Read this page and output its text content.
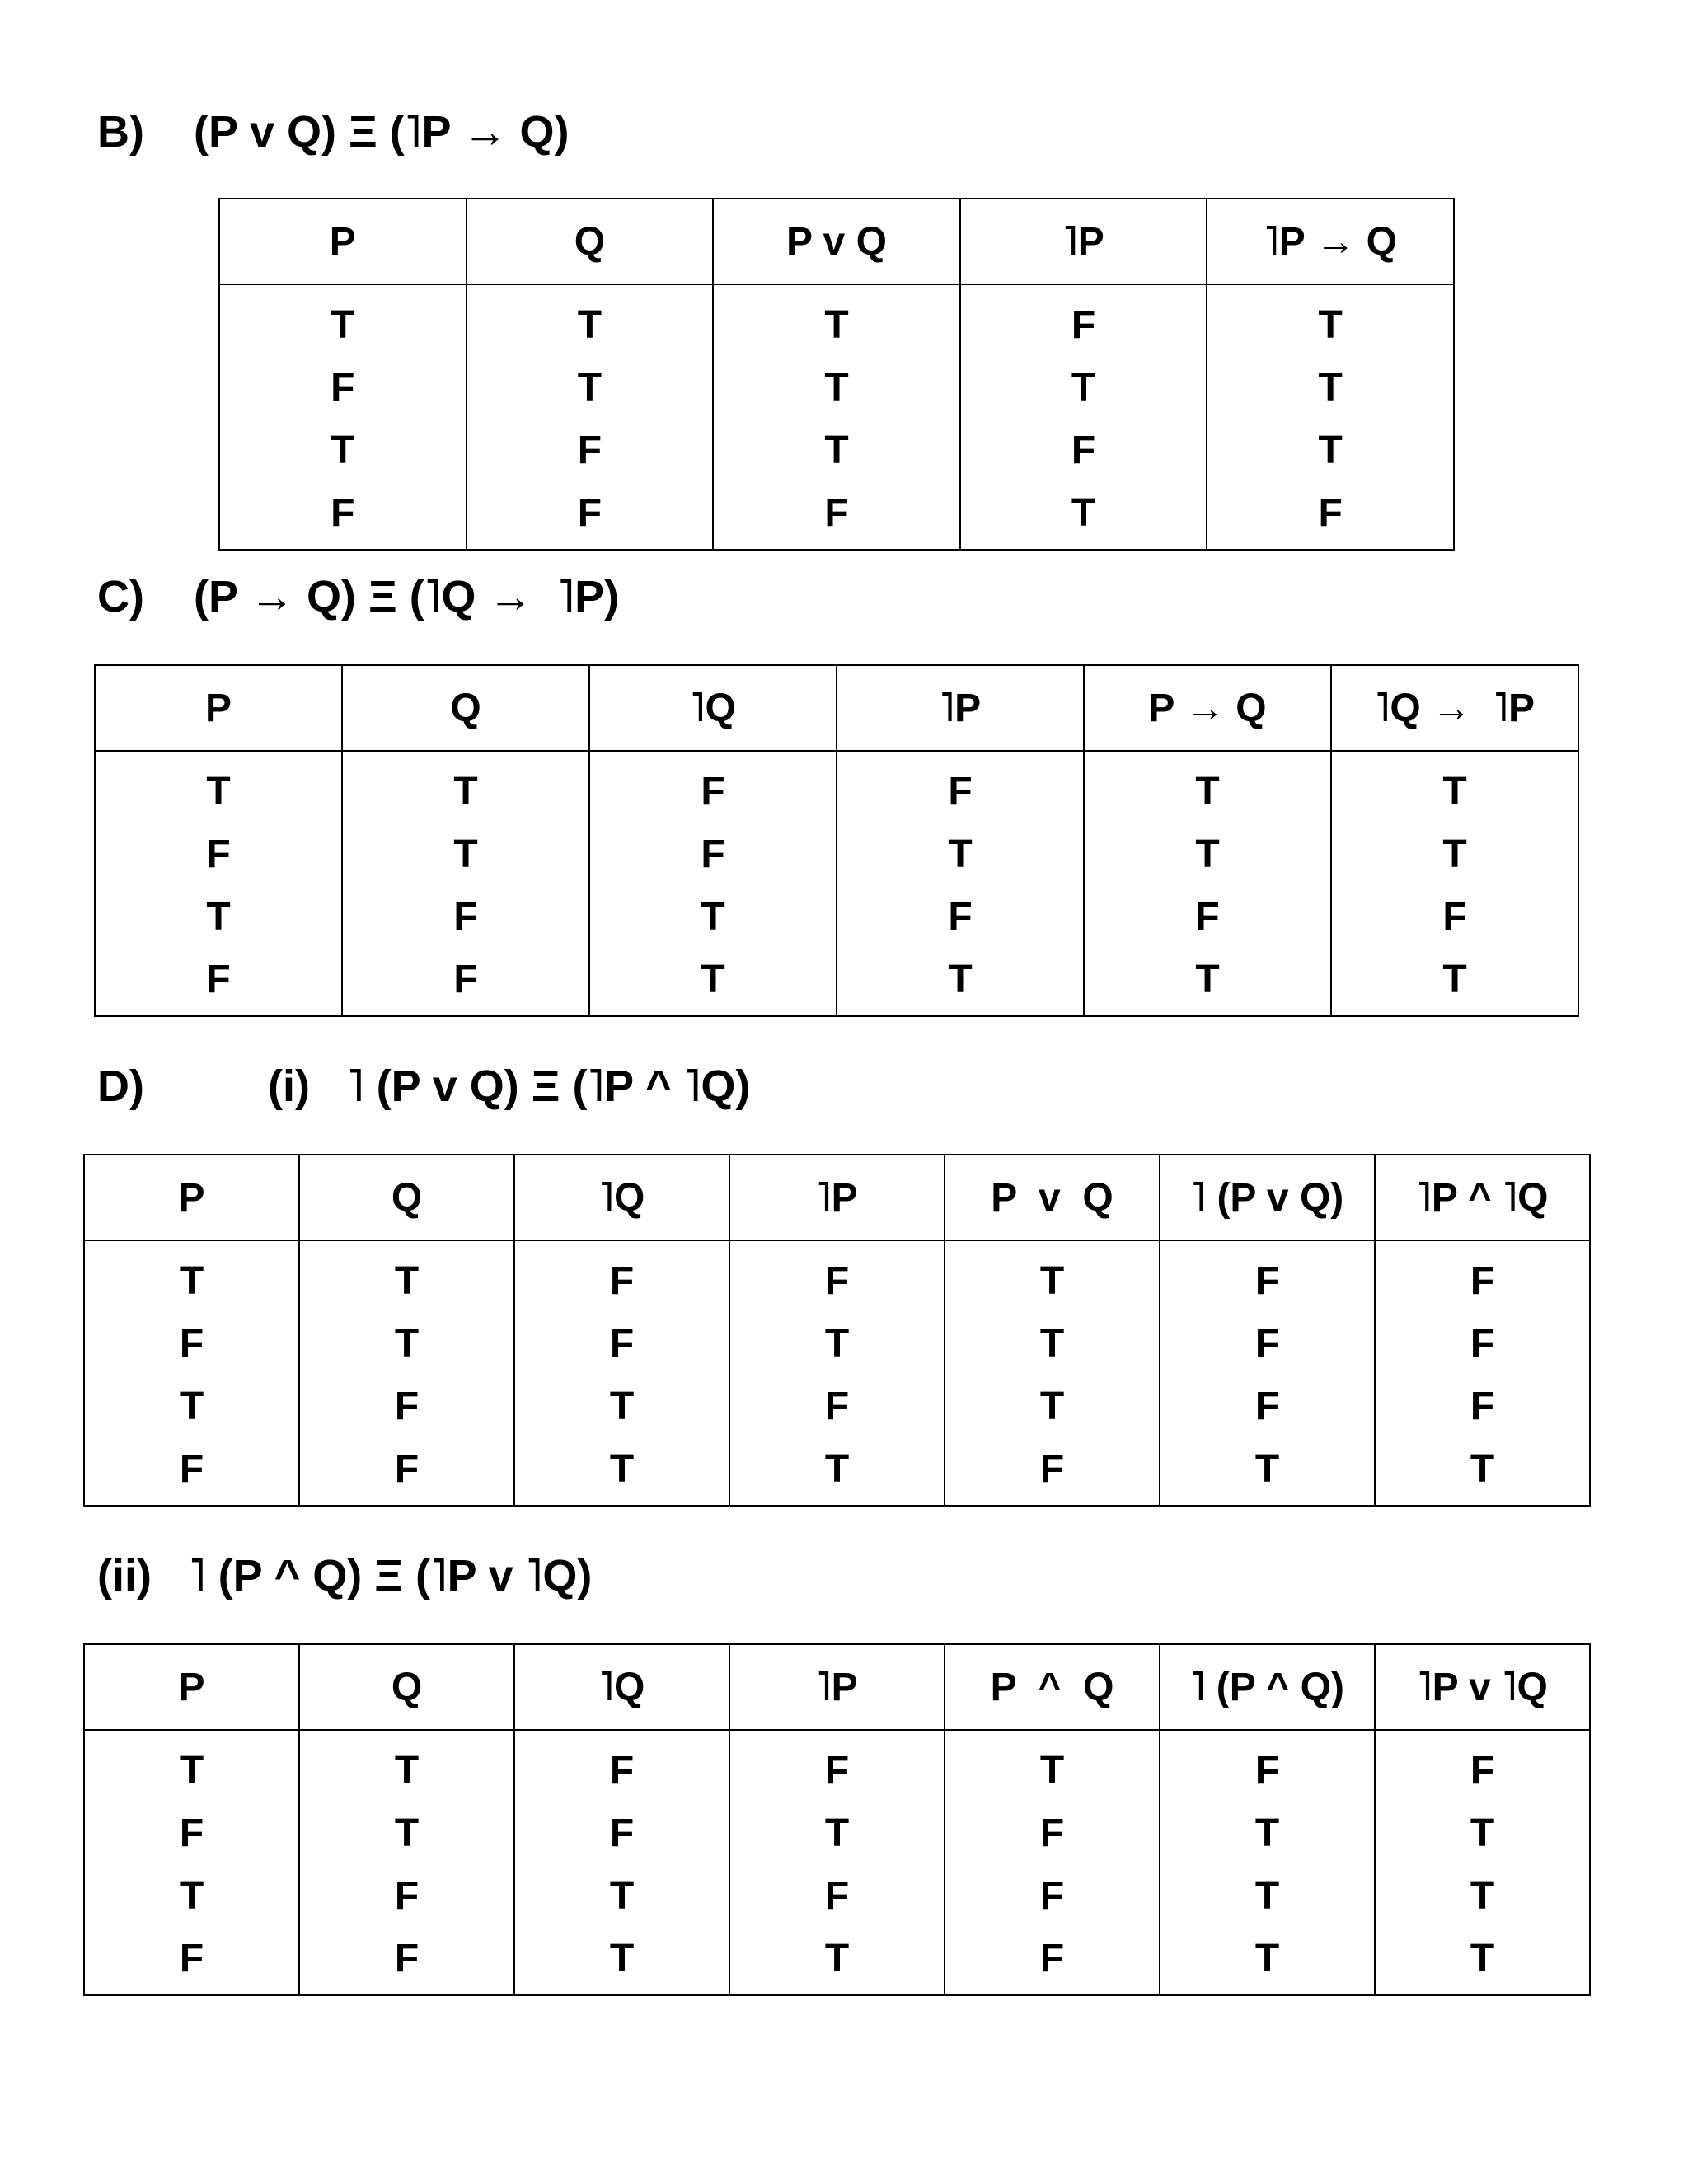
B)    (P v Q) Ξ (˥P → Q)
P	Q	P v Q	˥P	˥P → Q
T	T	T	F	T
F	T	T	T	T
T	F	T	F	T
F	F	F	T	F
C)    (P → Q) Ξ (˥Q →  ˥P)
P	Q	˥Q	˥P	P → Q	˥Q →  ˥P
T	T	F	F	T	T
F	T	F	T	T	T
T	F	T	F	F	F
F	F	T	T	T	T
D)          (i)   ˥ (P v Q) Ξ (˥P ^ ˥Q)
P	Q	˥Q	˥P	P  v  Q	˥ (P v Q)	˥P ^ ˥Q
T	T	F	F	T	F	F
F	T	F	T	T	F	F
T	F	T	F	T	F	F
F	F	T	T	F	T	T
(ii)   ˥ (P ^ Q) Ξ (˥P v ˥Q)
P	Q	˥Q	˥P	P  ^  Q	˥ (P ^ Q)	˥P v ˥Q
T	T	F	F	T	F	F
F	T	F	T	F	T	T
T	F	T	F	F	T	T
F	F	T	T	F	T	T
